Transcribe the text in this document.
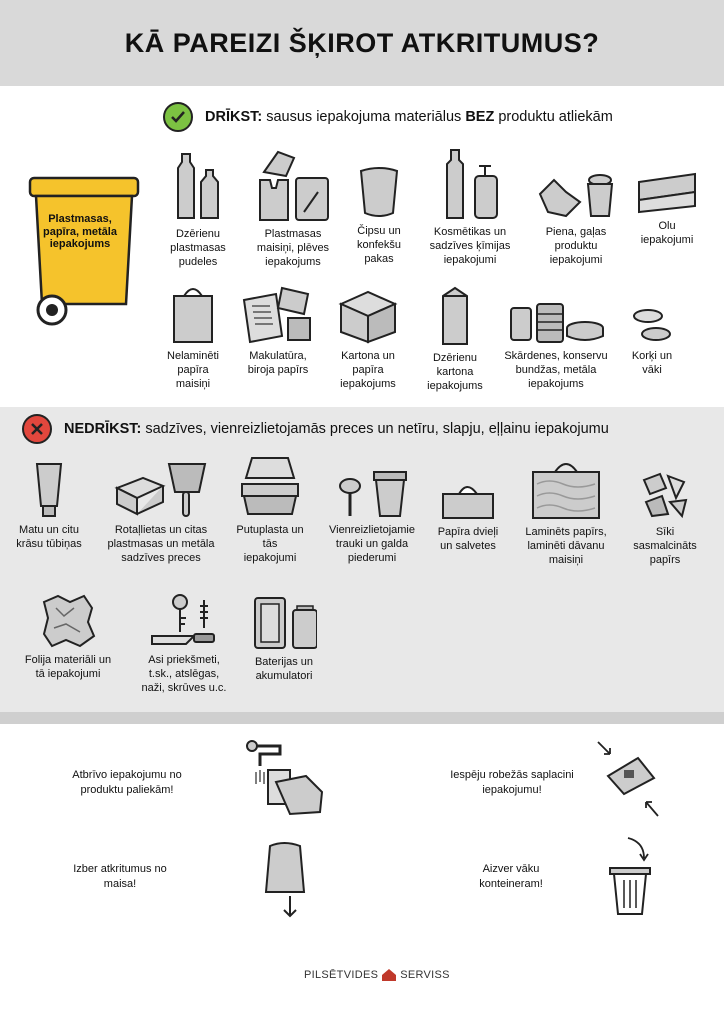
KĀ PAREIZI ŠĶIROT ATKRITUMUS?
DRĪKST: sausus iepakojuma materiālus BEZ produktu atliekām
Plastmasas, papīra, metāla iepakojums
Dzērienu plastmasas pudeles
Plastmasas maisiņi, plēves iepakojums
Čipsu un konfekšu pakas
Kosmētikas un sadzīves ķīmijas iepakojumi
Piena, gaļas produktu iepakojumi
Olu iepakojumi
Nelaminēti papīra maisiņi
Makulatūra, biroja papīrs
Kartona un papīra iepakojums
Dzērienu kartona iepakojums
Skārdenes, konservu bundžas, metāla iepakojums
Korķi un vāki
NEDRĪKST: sadzīves, vienreizlietojamās preces un netīru, slapju, eļļainu iepakojumu
Matu un citu krāsu tūbiņas
Rotaļlietas un citas plastmasas un metāla sadzīves preces
Putuplasta un tās iepakojumi
Vienreizlietojamie trauki un galda piederumi
Papīra dvieļi un salvetes
Laminēts papīrs, laminēti dāvanu maisiņi
Sīki sasmalcināts papīrs
Folija materiāli un tā iepakojumi
Asi priekšmeti, t.sk., atslēgas, naži, skrūves u.c.
Baterijas un akumulatori
Atbrīvo iepakojumu no produktu paliekām!
Iespēju robežās saplacini iepakojumu!
Izber atkritumus no maisa!
Aizver vāku konteineram!
PILSĒTVIDES SERVISS
